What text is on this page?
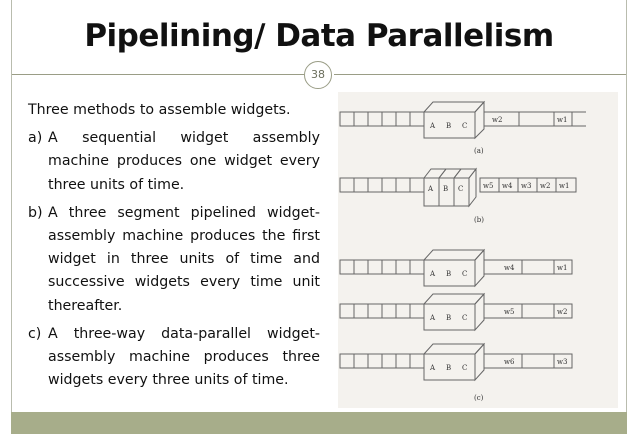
Pipelining/ Data Parallelism
38
Three methods to assemble widgets.
a) A sequential widget assembly machine produces one widget every three units of time.
b) A three segment pipelined widget-assembly machine produces the first widget in three units of time and successive widgets every time unit thereafter.
c) A three-way data-parallel widget-assembly machine produces three widgets every three units of time.
A B C
w2	w1
(a)
A B C	w5 w4 w3 w2 w1
(b)
A B C
w4	w1
A B C
w5	w2
A B C
w6	w3
(c)
